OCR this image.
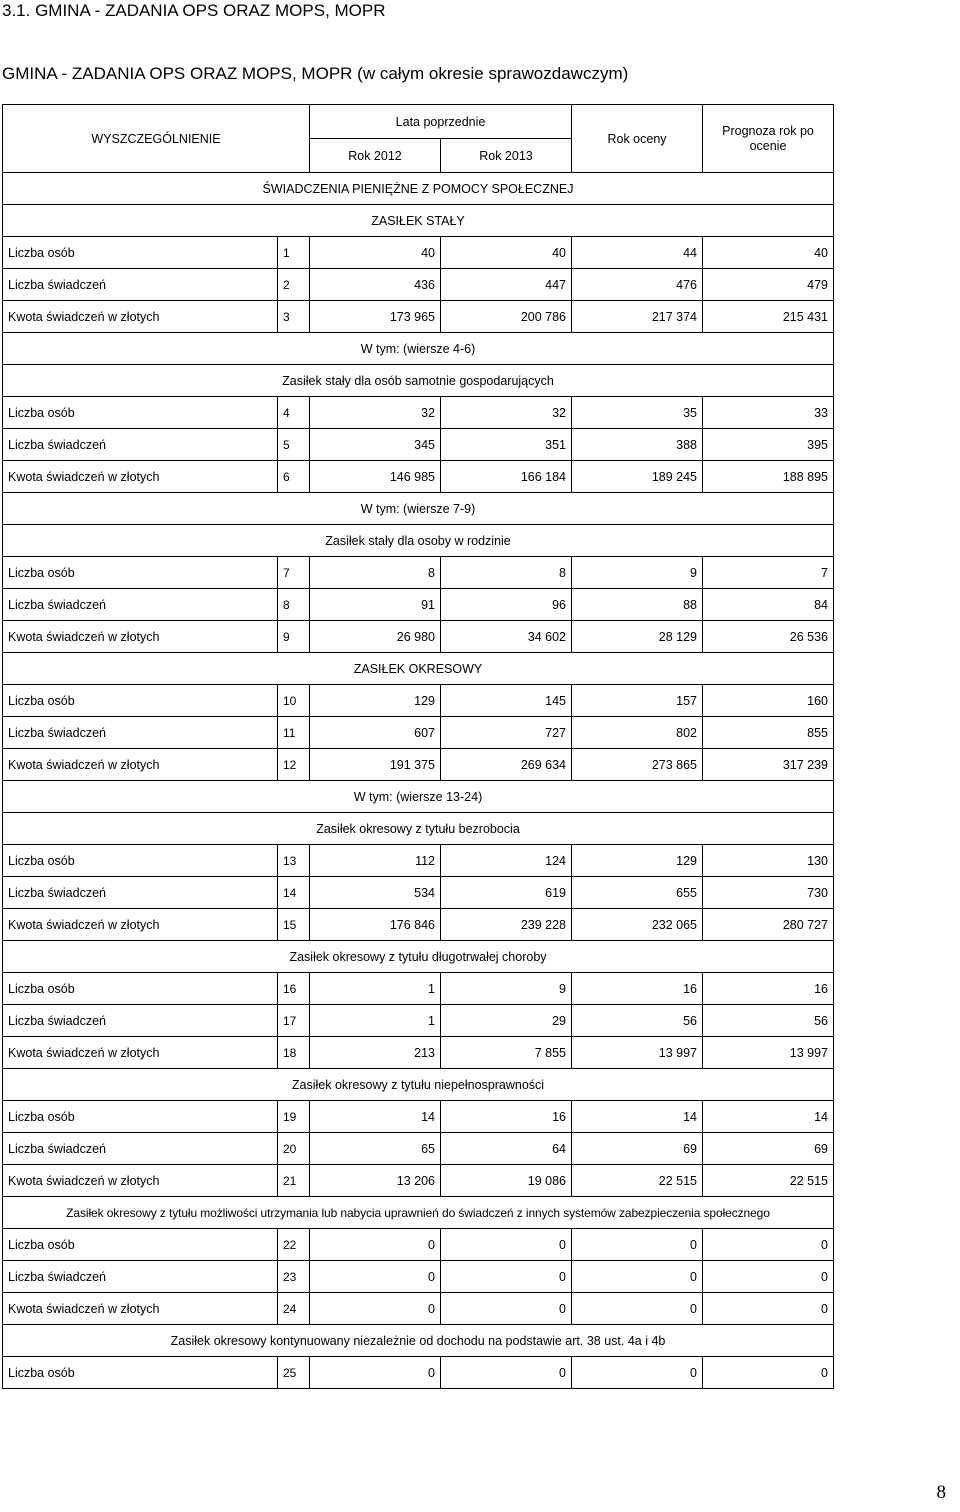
3.1. GMINA - ZADANIA OPS ORAZ MOPS, MOPR
GMINA - ZADANIA OPS ORAZ MOPS, MOPR (w całym okresie sprawozdawczym)
WYSZCZEGÓLNIENIE		Lata poprzednie		Rok oceny	Prognoza rok po ocenie
		Rok 2012	Rok 2013		
ŚWIADCZENIA PIENIĘŻNE Z POMOCY SPOŁECZNEJ					
ZASIŁEK STAŁY					
Liczba osób	1	40	40	44	40
Liczba świadczeń	2	436	447	476	479
Kwota świadczeń w złotych	3	173 965	200 786	217 374	215 431
W tym: (wiersze 4-6)					
Zasiłek stały dla osób samotnie gospodarujących					
Liczba osób	4	32	32	35	33
Liczba świadczeń	5	345	351	388	395
Kwota świadczeń w złotych	6	146 985	166 184	189 245	188 895
W tym: (wiersze 7-9)					
Zasiłek stały dla osoby w rodzinie					
Liczba osób	7	8	8	9	7
Liczba świadczeń	8	91	96	88	84
Kwota świadczeń w złotych	9	26 980	34 602	28 129	26 536
ZASIŁEK OKRESOWY					
Liczba osób	10	129	145	157	160
Liczba świadczeń	11	607	727	802	855
Kwota świadczeń w złotych	12	191 375	269 634	273 865	317 239
W tym: (wiersze 13-24)					
Zasiłek okresowy z tytułu bezrobocia					
Liczba osób	13	112	124	129	130
Liczba świadczeń	14	534	619	655	730
Kwota świadczeń w złotych	15	176 846	239 228	232 065	280 727
Zasiłek okresowy z tytułu długotrwałej choroby					
Liczba osób	16	1	9	16	16
Liczba świadczeń	17	1	29	56	56
Kwota świadczeń w złotych	18	213	7 855	13 997	13 997
Zasiłek okresowy z tytułu niepełnosprawności					
Liczba osób	19	14	16	14	14
Liczba świadczeń	20	65	64	69	69
Kwota świadczeń w złotych	21	13 206	19 086	22 515	22 515
Zasiłek okresowy z tytułu możliwości utrzymania lub nabycia uprawnień do świadczeń z innych systemów zabezpieczenia społecznego					
Liczba osób	22	0	0	0	0
Liczba świadczeń	23	0	0	0	0
Kwota świadczeń w złotych	24	0	0	0	0
Zasiłek okresowy kontynuowany niezależnie od dochodu na podstawie art. 38 ust. 4a i 4b					
Liczba osób	25	0	0	0	0
8
